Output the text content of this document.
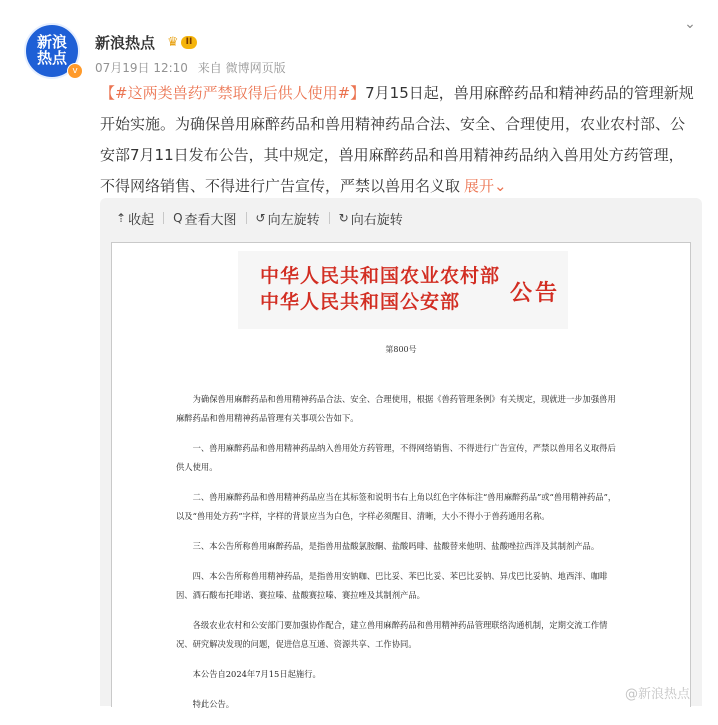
新浪
热点
v
新浪热点 ♛ II
07月19日 12:10 来自 微博网页版
⌄
【#这两类兽药严禁取得后供人使用#】7月15日起，兽用麻醉药品和精神药品的管理新规开始实施。为确保兽用麻醉药品和兽用精神药品合法、安全、合理使用，农业农村部、公安部7月11日发布公告，其中规定，兽用麻醉药品和兽用精神药品纳入兽用处方药管理，不得网络销售、不得进行广告宣传，严禁以兽用名义取 展开⌄
⇡ 收起 Q 查看大图 ↺ 向左旋转 ↻ 向右旋转
中华人民共和国农业农村部
中华人民共和国公安部	公告
第800号

为确保兽用麻醉药品和兽用精神药品合法、安全、合理使用，根据《兽药管理条例》有关规定，现就进一步加强兽用麻醉药品和兽用精神药品管理有关事项公告如下。

一、兽用麻醉药品和兽用精神药品纳入兽用处方药管理，不得网络销售、不得进行广告宣传，严禁以兽用名义取得后供人使用。

二、兽用麻醉药品和兽用精神药品应当在其标签和说明书右上角以红色字体标注“兽用麻醉药品”或“兽用精神药品”，以及“兽用处方药”字样，字样的背景应当为白色，字样必须醒目、清晰，大小不得小于兽药通用名称。

三、本公告所称兽用麻醉药品，是指兽用盐酸氯胺酮、盐酸吗啡、盐酸替来他明、盐酸唑拉西泮及其制剂产品。

四、本公告所称兽用精神药品，是指兽用安钠咖、巴比妥、苯巴比妥、苯巴比妥钠、异戊巴比妥钠、地西泮、咖啡因、酒石酸布托啡诺、赛拉嗪、盐酸赛拉嗪、赛拉唑及其制剂产品。

各级农业农村和公安部门要加强协作配合，建立兽用麻醉药品和兽用精神药品管理联络沟通机制，定期交流工作情况、研究解决发现的问题，促进信息互通、资源共享、工作协同。

本公告自2024年7月15日起施行。

特此公告。

@新浪热点
